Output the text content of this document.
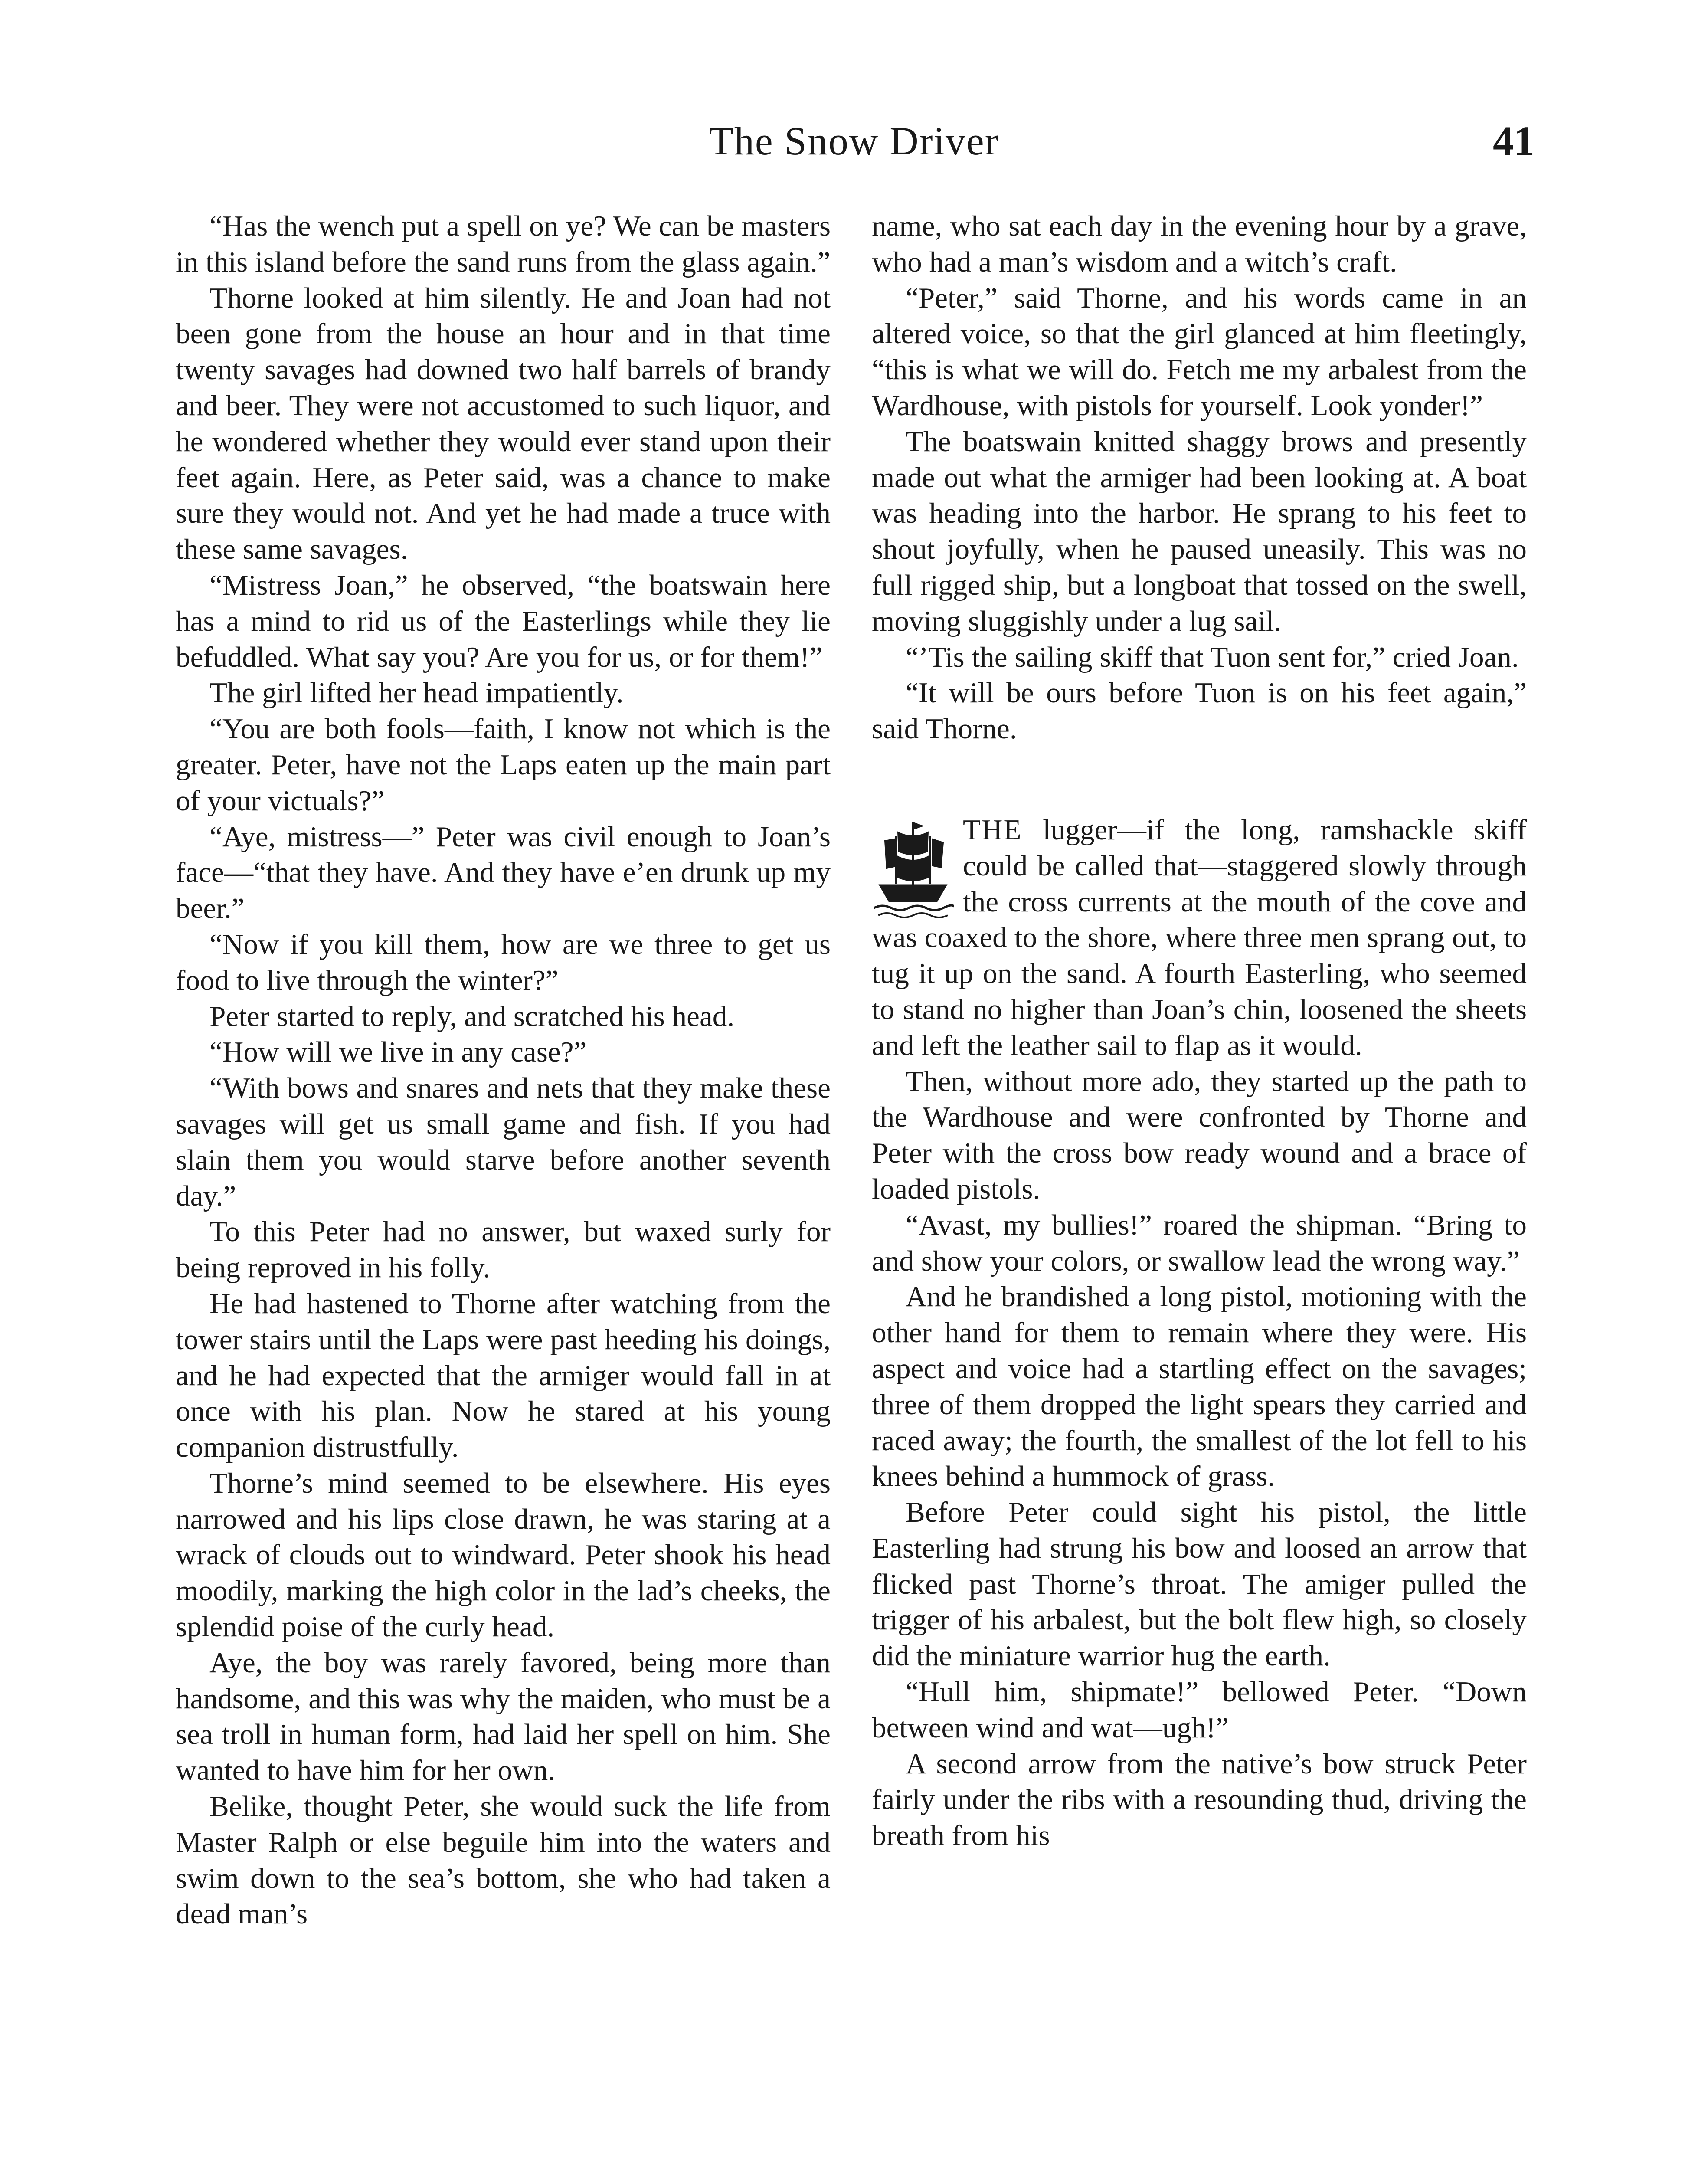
The Snow Driver	41

“Has the wench put a spell on ye? We can be masters in this island before the sand runs from the glass again.”

Thorne looked at him silently. He and Joan had not been gone from the house an hour and in that time twenty savages had downed two half barrels of brandy and beer. They were not accustomed to such liquor, and he wondered whether they would ever stand upon their feet again. Here, as Peter said, was a chance to make sure they would not. And yet he had made a truce with these same savages.

“Mistress Joan,” he observed, “the boatswain here has a mind to rid us of the Easterlings while they lie befuddled. What say you? Are you for us, or for them!”

The girl lifted her head impatiently.

“You are both fools—faith, I know not which is the greater. Peter, have not the Laps eaten up the main part of your victuals?”

“Aye, mistress—” Peter was civil enough to Joan’s face—“that they have. And they have e’en drunk up my beer.”

“Now if you kill them, how are we three to get us food to live through the winter?”

Peter started to reply, and scratched his head.

“How will we live in any case?”

“With bows and snares and nets that they make these savages will get us small game and fish. If you had slain them you would starve before another seventh day.”

To this Peter had no answer, but waxed surly for being reproved in his folly.

He had hastened to Thorne after watching from the tower stairs until the Laps were past heeding his doings, and he had expected that the armiger would fall in at once with his plan. Now he stared at his young companion distrustfully.

Thorne’s mind seemed to be elsewhere. His eyes narrowed and his lips close drawn, he was staring at a wrack of clouds out to windward. Peter shook his head moodily, marking the high color in the lad’s cheeks, the splendid poise of the curly head.

Aye, the boy was rarely favored, being more than handsome, and this was why the maiden, who must be a sea troll in human form, had laid her spell on him. She wanted to have him for her own.

Belike, thought Peter, she would suck the life from Master Ralph or else beguile him into the waters and swim down to the sea’s bottom, she who had taken a dead man’s

name, who sat each day in the evening hour by a grave, who had a man’s wisdom and a witch’s craft.

“Peter,” said Thorne, and his words came in an altered voice, so that the girl glanced at him fleetingly, “this is what we will do. Fetch me my arbalest from the Wardhouse, with pistols for yourself. Look yonder!”

The boatswain knitted shaggy brows and presently made out what the armiger had been looking at. A boat was heading into the harbor. He sprang to his feet to shout joyfully, when he paused uneasily. This was no full rigged ship, but a longboat that tossed on the swell, moving sluggishly under a lug sail.

“’Tis the sailing skiff that Tuon sent for,” cried Joan.

“It will be ours before Tuon is on his feet again,” said Thorne.

THE lugger—if the long, ramshackle skiff could be called that—staggered slowly through the cross currents at the mouth of the cove and was coaxed to the shore, where three men sprang out, to tug it up on the sand. A fourth Easterling, who seemed to stand no higher than Joan’s chin, loosened the sheets and left the leather sail to flap as it would.

Then, without more ado, they started up the path to the Wardhouse and were confronted by Thorne and Peter with the cross bow ready wound and a brace of loaded pistols.

“Avast, my bullies!” roared the shipman. “Bring to and show your colors, or swallow lead the wrong way.”

And he brandished a long pistol, motioning with the other hand for them to remain where they were. His aspect and voice had a startling effect on the savages; three of them dropped the light spears they carried and raced away; the fourth, the smallest of the lot fell to his knees behind a hummock of grass.

Before Peter could sight his pistol, the little Easterling had strung his bow and loosed an arrow that flicked past Thorne’s throat. The amiger pulled the trigger of his arbalest, but the bolt flew high, so closely did the miniature warrior hug the earth.

“Hull him, shipmate!” bellowed Peter. “Down between wind and wat—ugh!”

A second arrow from the native’s bow struck Peter fairly under the ribs with a resounding thud, driving the breath from his
